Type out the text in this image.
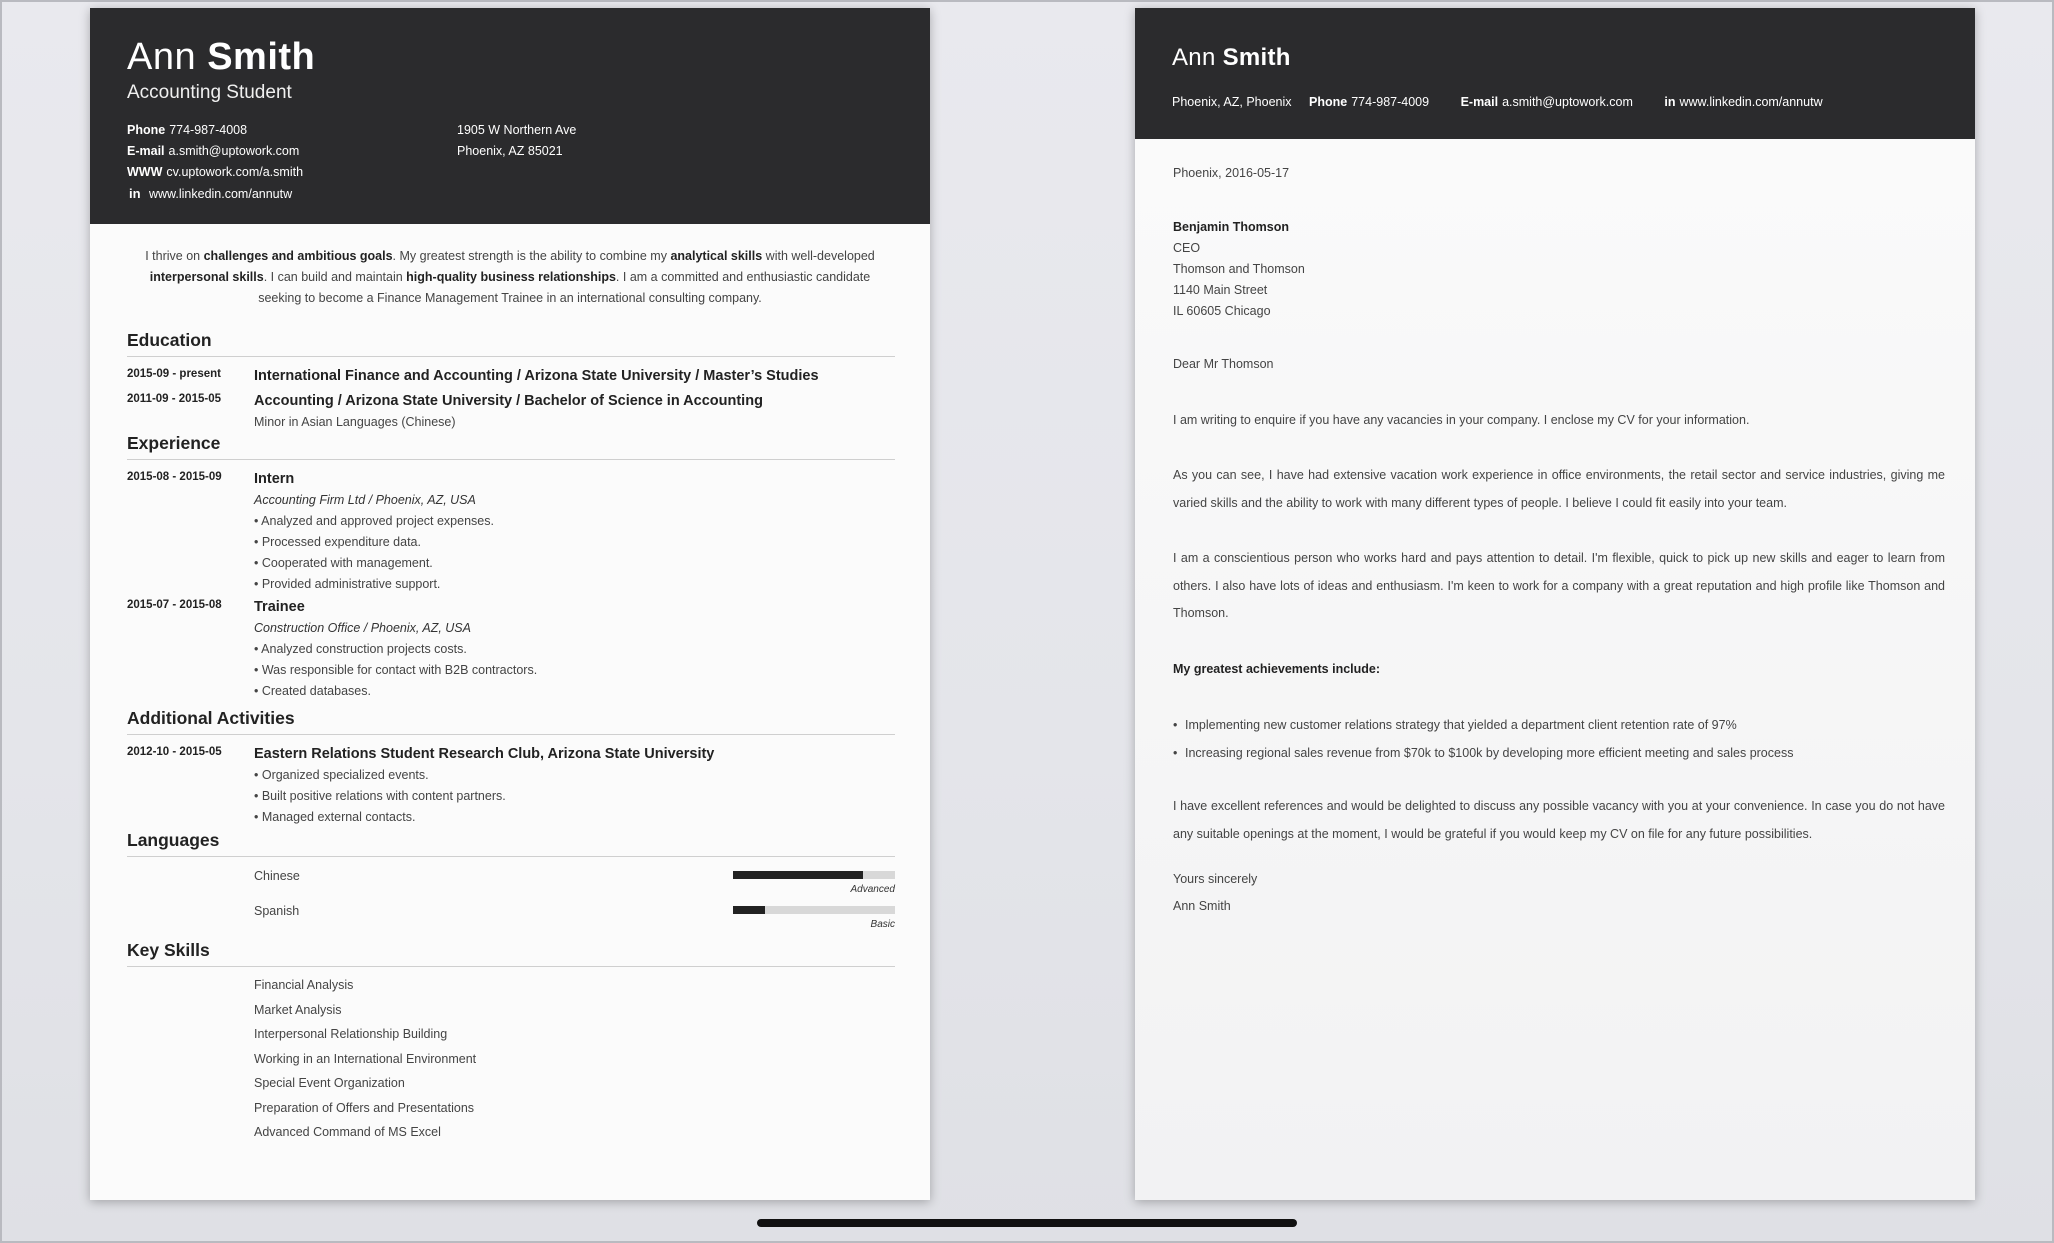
Ann Smith
Accounting Student
Phone 774-987-4008
E-mail a.smith@uptowork.com
WWW cv.uptowork.com/a.smith
in www.linkedin.com/annutw
1905 W Northern Ave
Phoenix, AZ 85021
I thrive on challenges and ambitious goals. My greatest strength is the ability to combine my analytical skills with well-developed interpersonal skills. I can build and maintain high-quality business relationships. I am a committed and enthusiastic candidate seeking to become a Finance Management Trainee in an international consulting company.
Education
2015-09 - present International Finance and Accounting / Arizona State University / Master’s Studies
2011-09 - 2015-05 Accounting / Arizona State University / Bachelor of Science in Accounting
Minor in Asian Languages (Chinese)
Experience
2015-08 - 2015-09 Intern
Accounting Firm Ltd / Phoenix, AZ, USA
• Analyzed and approved project expenses.
• Processed expenditure data.
• Cooperated with management.
• Provided administrative support.
2015-07 - 2015-08 Trainee
Construction Office / Phoenix, AZ, USA
• Analyzed construction projects costs.
• Was responsible for contact with B2B contractors.
• Created databases.
Additional Activities
2012-10 - 2015-05 Eastern Relations Student Research Club, Arizona State University
• Organized specialized events.
• Built positive relations with content partners.
• Managed external contacts.
Languages
Chinese
Advanced
Spanish
Basic
Key Skills
Financial Analysis
Market Analysis
Interpersonal Relationship Building
Working in an International Environment
Special Event Organization
Preparation of Offers and Presentations
Advanced Command of MS Excel
Ann Smith
Phoenix, AZ, Phoenix Phone 774-987-4009	E-mail a.smith@uptowork.com	in www.linkedin.com/annutw
Phoenix, 2016-05-17
Benjamin Thomson
CEO
Thomson and Thomson
1140 Main Street
IL 60605 Chicago
Dear Mr Thomson
I am writing to enquire if you have any vacancies in your company. I enclose my CV for your information.
As you can see, I have had extensive vacation work experience in office environments, the retail sector and service industries, giving me varied skills and the ability to work with many different types of people. I believe I could fit easily into your team.
I am a conscientious person who works hard and pays attention to detail. I'm flexible, quick to pick up new skills and eager to learn from others. I also have lots of ideas and enthusiasm. I'm keen to work for a company with a great reputation and high profile like Thomson and Thomson.
My greatest achievements include:
• Implementing new customer relations strategy that yielded a department client retention rate of 97%
• Increasing regional sales revenue from $70k to $100k by developing more efficient meeting and sales process
I have excellent references and would be delighted to discuss any possible vacancy with you at your convenience. In case you do not have any suitable openings at the moment, I would be grateful if you would keep my CV on file for any future possibilities.
Yours sincerely
Ann Smith
